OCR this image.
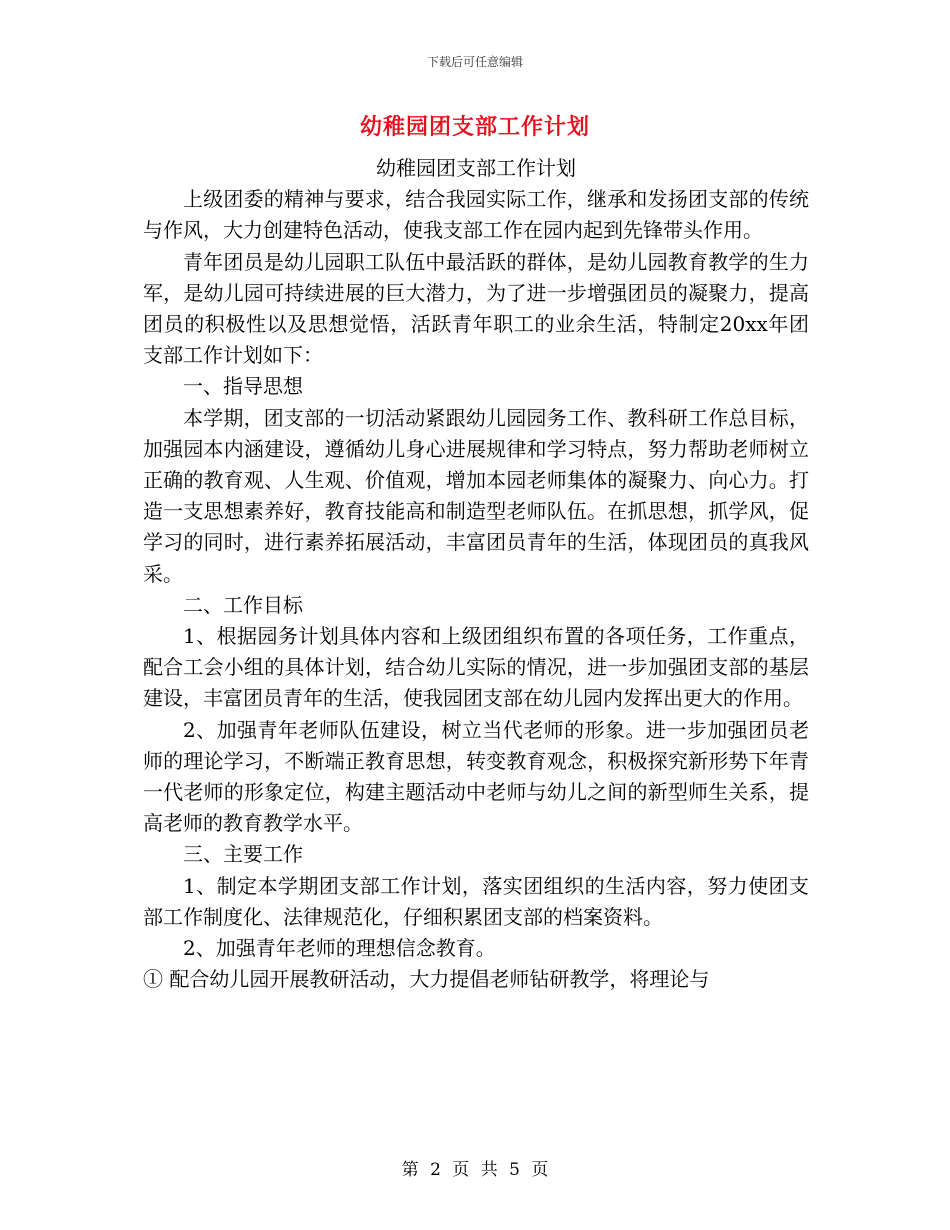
下载后可任意编辑
幼稚园团支部工作计划

幼稚园团支部工作计划

上级团委的精神与要求，结合我园实际工作，继承和发扬团支部的传统与作风，大力创建特色活动，使我支部工作在园内起到先锋带头作用。

青年团员是幼儿园职工队伍中最活跃的群体，是幼儿园教育教学的生力军，是幼儿园可持续进展的巨大潜力，为了进一步增强团员的凝聚力，提高团员的积极性以及思想觉悟，活跃青年职工的业余生活，特制定20xx年团支部工作计划如下：

一、指导思想

本学期，团支部的一切活动紧跟幼儿园园务工作、教科研工作总目标，加强园本内涵建设，遵循幼儿身心进展规律和学习特点，努力帮助老师树立正确的教育观、人生观、价值观，增加本园老师集体的凝聚力、向心力。打造一支思想素养好，教育技能高和制造型老师队伍。在抓思想，抓学风，促学习的同时，进行素养拓展活动，丰富团员青年的生活，体现团员的真我风采。

二、工作目标

1、根据园务计划具体内容和上级团组织布置的各项任务，工作重点，配合工会小组的具体计划，结合幼儿实际的情况，进一步加强团支部的基层建设，丰富团员青年的生活，使我园团支部在幼儿园内发挥出更大的作用。

2、加强青年老师队伍建设，树立当代老师的形象。进一步加强团员老师的理论学习，不断端正教育思想，转变教育观念，积极探究新形势下年青一代老师的形象定位，构建主题活动中老师与幼儿之间的新型师生关系，提高老师的教育教学水平。

三、主要工作

1、制定本学期团支部工作计划，落实团组织的生活内容，努力使团支部工作制度化、法律规范化，仔细积累团支部的档案资料。

2、加强青年老师的理想信念教育。

① 配合幼儿园开展教研活动，大力提倡老师钻研教学，将理论与

第 2 页 共 5 页
